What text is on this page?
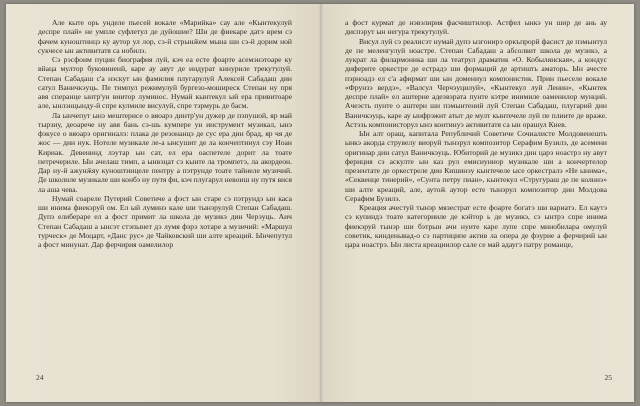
Але кыте орь унделе пьесей вокале «Марийка» сау але «Кынтекулуй деспре плай» не умпле суфлетул де дуйошие? Ши де фиекаре датэ врем сэ фачем куноштинцэ ку аутор ул лор, сэ-й стрынӂем мына ши сэ-й дорим ной сукчесе ын активитатя са нобилэ.

Сэ рэсфоим пуцин биография луй, кэч еа есте фоарте асемэнэтоаре ку вйаца мултор буковиненӣ, каре ау авут де индурат кинуриле трекутулуй. Степан Сабадаш с'а нэскут ын фамилия плугарулуй Алексей Сабадаш дин сатул Ваничкэуць. Пе тимпул режимулуй бургезо-моширеск Степан ну пря авя сперанце ынтр'ун виитор луминос. Нумай кынтекул ый ера привитоаре але, ынлэнцынду-й спре кулмиле висулуй, спре тэрмурь де басм.

Ла ынчепут ынэ мештерисе о вяоарэ динтр'ун дужер де пэпушой, яр май тырзиу, деоарече ну авя бань сэ-шь кумпере ун инструмент музикал, ынэ фэкусе о вяоарэ оригиналэ: плака де резонанцэ де сус ера дин брад, яр чя де жос — дин нук. Нотеле музикале ле-а ынсушит де ла кончептинул сэу Иоан Кириак. Девенинд лэутар ын сат, ел ера оаспетеле дорит ла тоате петречериле. Ын ачелаш тимп, а ынвэцат сэ кынте ла тромпетэ, ла акордеон. Дар ну-й ажунӂяу куноштинцеле пентру а пэтрунде тоате тайнеле музичий. Де школиле музикале ши конбэ ну путя фи, кэч плугарул невоиш ну путя вися ла аша чева.

Нумай соареле Путерий Советиче а фэст ын старе сэ пэтрундэ ын каса ши инима фиекэруй ом. Ел ый луминэ кале ши тынэрулуй Степан Сабадаш. Дупэ елибераре ел а фост примит ла школа де музикэ дин Черэуць. Аич Степан Сабадаш а ынсэт стэпынет дэ лумя фэрэ хотаре а музичий: «Маршул турческ» де Моцарт, «Данс рус» де Чайковский ши алте креаций. Ынчепутул а фост минунат. Дар ферчирия оамелилор

24

а фост курмат де нэвэлирия фасчиштилор. Астфел ынкэ ун шир де ань ау диспэрут ын негура трекутулуй.

Висул луй сэ реалисэт нумай дупэ ызгонирэ оркъпрорй фасист де пэмынтул де пе меленгулуй ноастре. Степан Сабадаш а абсолвит школа де музикэ, а лукрат ла филармоника ши ла театрул драматик «О. Кобылянская», а кондус диферите оркестре де естрадэ ши формаций де артишть аматорь. Ын ачесте пэрноадэ ел с'а афирмат ши ын домениул компонистик. Прин пьеселе вокале «Фрунзэ вердэ», «Валсул Черчэуцилуй», «Кынтекул луй Ленин», «Кынтек деспре плай» ел аштерне адеэвэрата пунте кэтре инимиле оаменилор мунций. Ачеэсть пунте о аштерн ши пэмынтений луй Степан Сабадаш, плугарий дин Ваничкэуць, каре ау ынфрэжит атыт де мулт кынтечеле луй пе плиите де враже. Астэзь компонисторул ынэ континуэ активитатя са ын орашул Киев.

Ын алт оращ, капитала Републичий Советиче Сочиалисте Молдовенешть ынкэ акорда струвелу виоруй тынэрул композитор Серафим Бузилэ, де асемени оригинар дин сатул Ваничкэуць. Юбиторий де музикэ дин царэ ноастрэ ну авут фериция сэ аскулте ын каз рул емисиуниор музикале ши а кончертелор презентате де оркестреле дин Кишинэу кынтечеле ысе оркестралэ «Не ынима», «Секвенце тинерий», «Сунта петру пиан», кынтекул «Стругураш де пе колниэ» ши алте креаций, але, аутоӂ аутор есте тынэрул композитор дин Молдова Серафим Бузилэ.

Креация ачестуй тынэр мязестрат есте фоарте богатэ ши вариатэ. Ел каутэ сэ купиндэ тоате категорииле де кэйтор ь де музикэ, сэ ынтрэ спре инима фиекэруй тынэр ши бэтрын ачи нуите каре лупе спре минобилара омулуй советик, кинденывад-о сэ партиципе актив ла опера де фэурие а ферчирий ын цара ноастрэ. Ын листа креациилор сале се май адаугэ патру романце,

25
